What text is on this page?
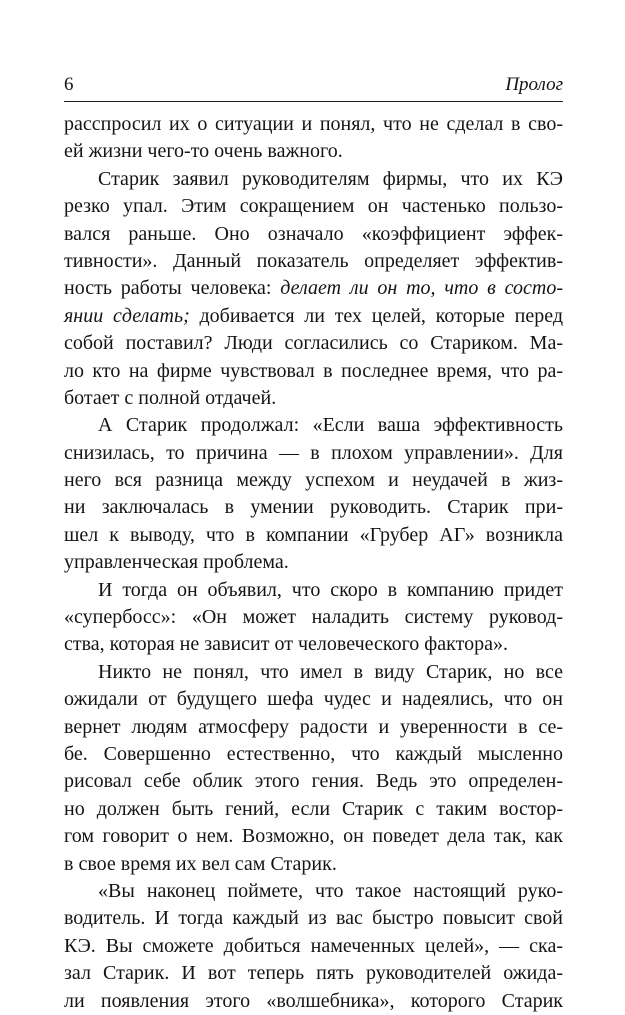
6	Пролог
расспросил их о ситуации и понял, что не сделал в сво-
ей жизни чего-то очень важного.
Старик заявил руководителям фирмы, что их КЭ
резко упал. Этим сокращением он частенько пользо-
вался раньше. Оно означало «коэффициент эффек-
тивности». Данный показатель определяет эффектив-
ность работы человека: делает ли он то, что в состо-
янии сделать; добивается ли тех целей, которые перед
собой поставил? Люди согласились со Стариком. Ма-
ло кто на фирме чувствовал в последнее время, что ра-
ботает с полной отдачей.
А Старик продолжал: «Если ваша эффективность
снизилась, то причина — в плохом управлении». Для
него вся разница между успехом и неудачей в жиз-
ни заключалась в умении руководить. Старик при-
шел к выводу, что в компании «Грубер АГ» возникла
управленческая проблема.
И тогда он объявил, что скоро в компанию придет
«супербосс»: «Он может наладить систему руковод-
ства, которая не зависит от человеческого фактора».
Никто не понял, что имел в виду Старик, но все
ожидали от будущего шефа чудес и надеялись, что он
вернет людям атмосферу радости и уверенности в се-
бе. Совершенно естественно, что каждый мысленно
рисовал себе облик этого гения. Ведь это определен-
но должен быть гений, если Старик с таким востор-
гом говорит о нем. Возможно, он поведет дела так, как
в свое время их вел сам Старик.
«Вы наконец поймете, что такое настоящий руко-
водитель. И тогда каждый из вас быстро повысит свой
КЭ. Вы сможете добиться намеченных целей», — ска-
зал Старик. И вот теперь пять руководителей ожида-
ли появления этого «волшебника», которого Старик
